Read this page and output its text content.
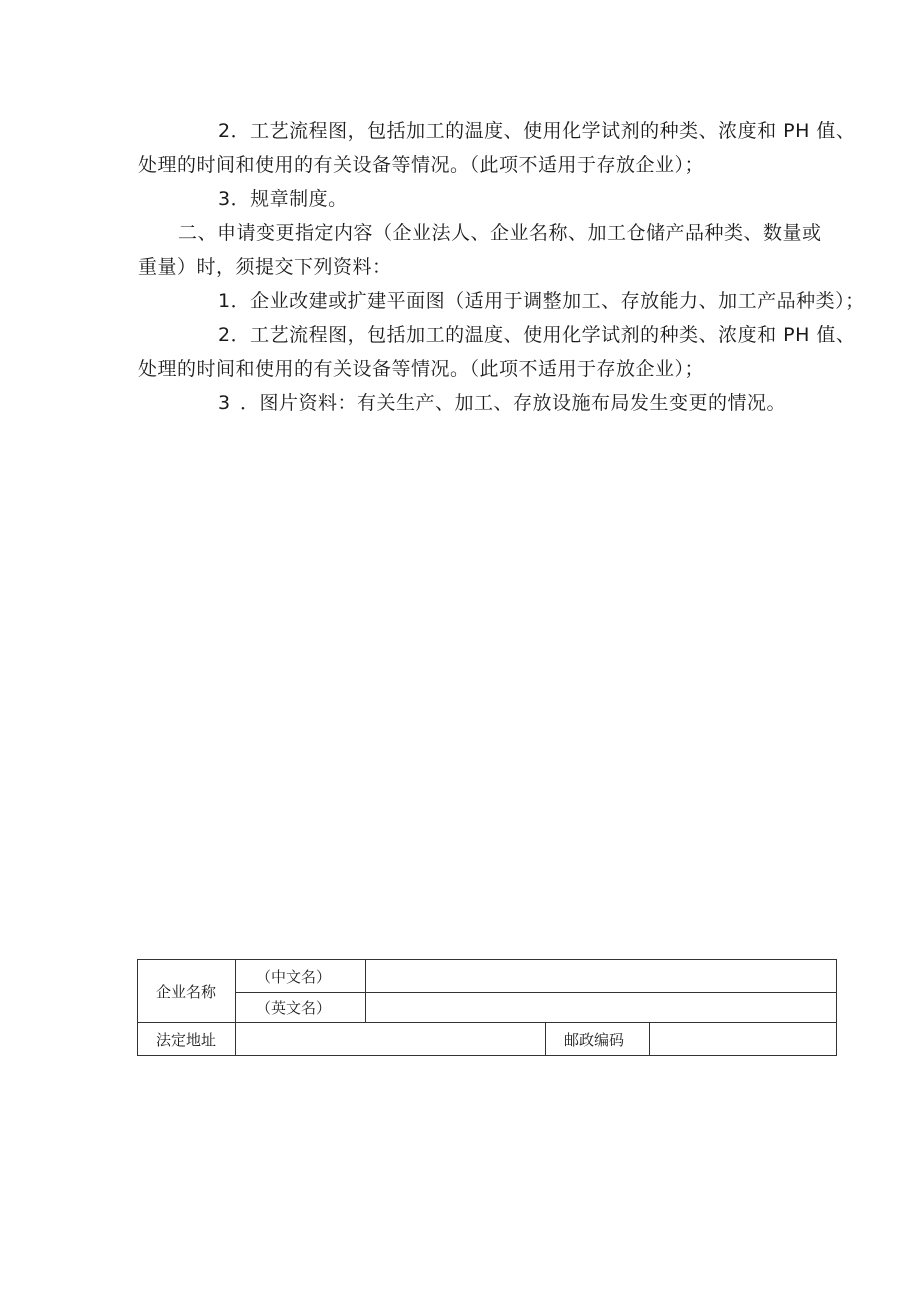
2．工艺流程图，包括加工的温度、使用化学试剂的种类、浓度和 PH 值、

处理的时间和使用的有关设备等情况。（此项不适用于存放企业）；

3．规章制度。

二、申请变更指定内容（企业法人、企业名称、加工仓储产品种类、数量或

重量）时，须提交下列资料：

1．企业改建或扩建平面图（适用于调整加工、存放能力、加工产品种类）；

2．工艺流程图，包括加工的温度、使用化学试剂的种类、浓度和 PH 值、

处理的时间和使用的有关设备等情况。（此项不适用于存放企业）；

3 ．图片资料：有关生产、加工、存放设施布局发生变更的情况。

企业名称	（中文名）			
	（英文名）			
法定地址			邮政编码	
